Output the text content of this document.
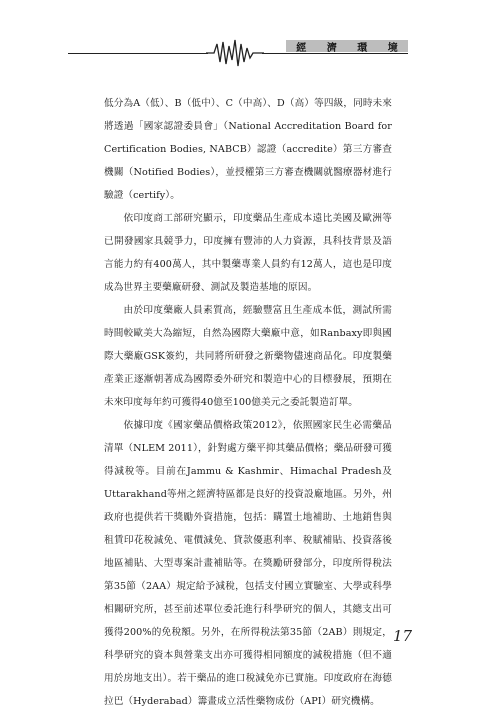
經 濟 環 境

低分為A（低）、B（低中）、C（中高）、D（高）等四級，同時未來將透過「國家認證委員會」（National Accreditation Board for Certification Bodies, NABCB）認證（accredite）第三方審查機關（Notified Bodies），並授權第三方審查機關就醫療器材進行驗證（certify）。

依印度商工部研究顯示，印度藥品生產成本遠比美國及歐洲等已開發國家具競爭力，印度擁有豐沛的人力資源，具科技背景及語言能力約有400萬人，其中製藥專業人員約有12萬人，這也是印度成為世界主要藥廠研發、測試及製造基地的原因。

由於印度藥廠人員素質高，經驗豐富且生產成本低，測試所需時間較歐美大為縮短，自然為國際大藥廠中意，如Ranbaxy即與國際大藥廠GSK簽約，共同將所研發之新藥物儘速商品化。印度製藥產業正逐漸朝著成為國際委外研究和製造中心的目標發展，預期在未來印度每年約可獲得40億至100億美元之委託製造訂單。

依據印度《國家藥品價格政策2012》，依照國家民生必需藥品清單（NLEM 2011），針對處方藥平抑其藥品價格；藥品研發可獲得減稅等。目前在Jammu & Kashmir、Himachal Pradesh及Uttarakhand等州之經濟特區都是良好的投資設廠地區。另外，州政府也提供若干獎勵外資措施，包括：購置土地補助、土地銷售與租賃印花稅減免、電價減免、貸款優惠利率、稅賦補貼、投資落後地區補貼、大型專案計畫補貼等。在獎勵研發部分，印度所得稅法第35節（2AA）規定給予減稅，包括支付國立實驗室、大學或科學相關研究所，甚至前述單位委託進行科學研究的個人，其總支出可獲得200%的免稅額。另外，在所得稅法第35節（2AB）則規定，科學研究的資本與營業支出亦可獲得相同額度的減稅措施（但不適用於房地支出）。若干藥品的進口稅減免亦已實施。印度政府在海德拉巴（Hyderabad）籌畫成立活性藥物成份（API）研究機構。

17
